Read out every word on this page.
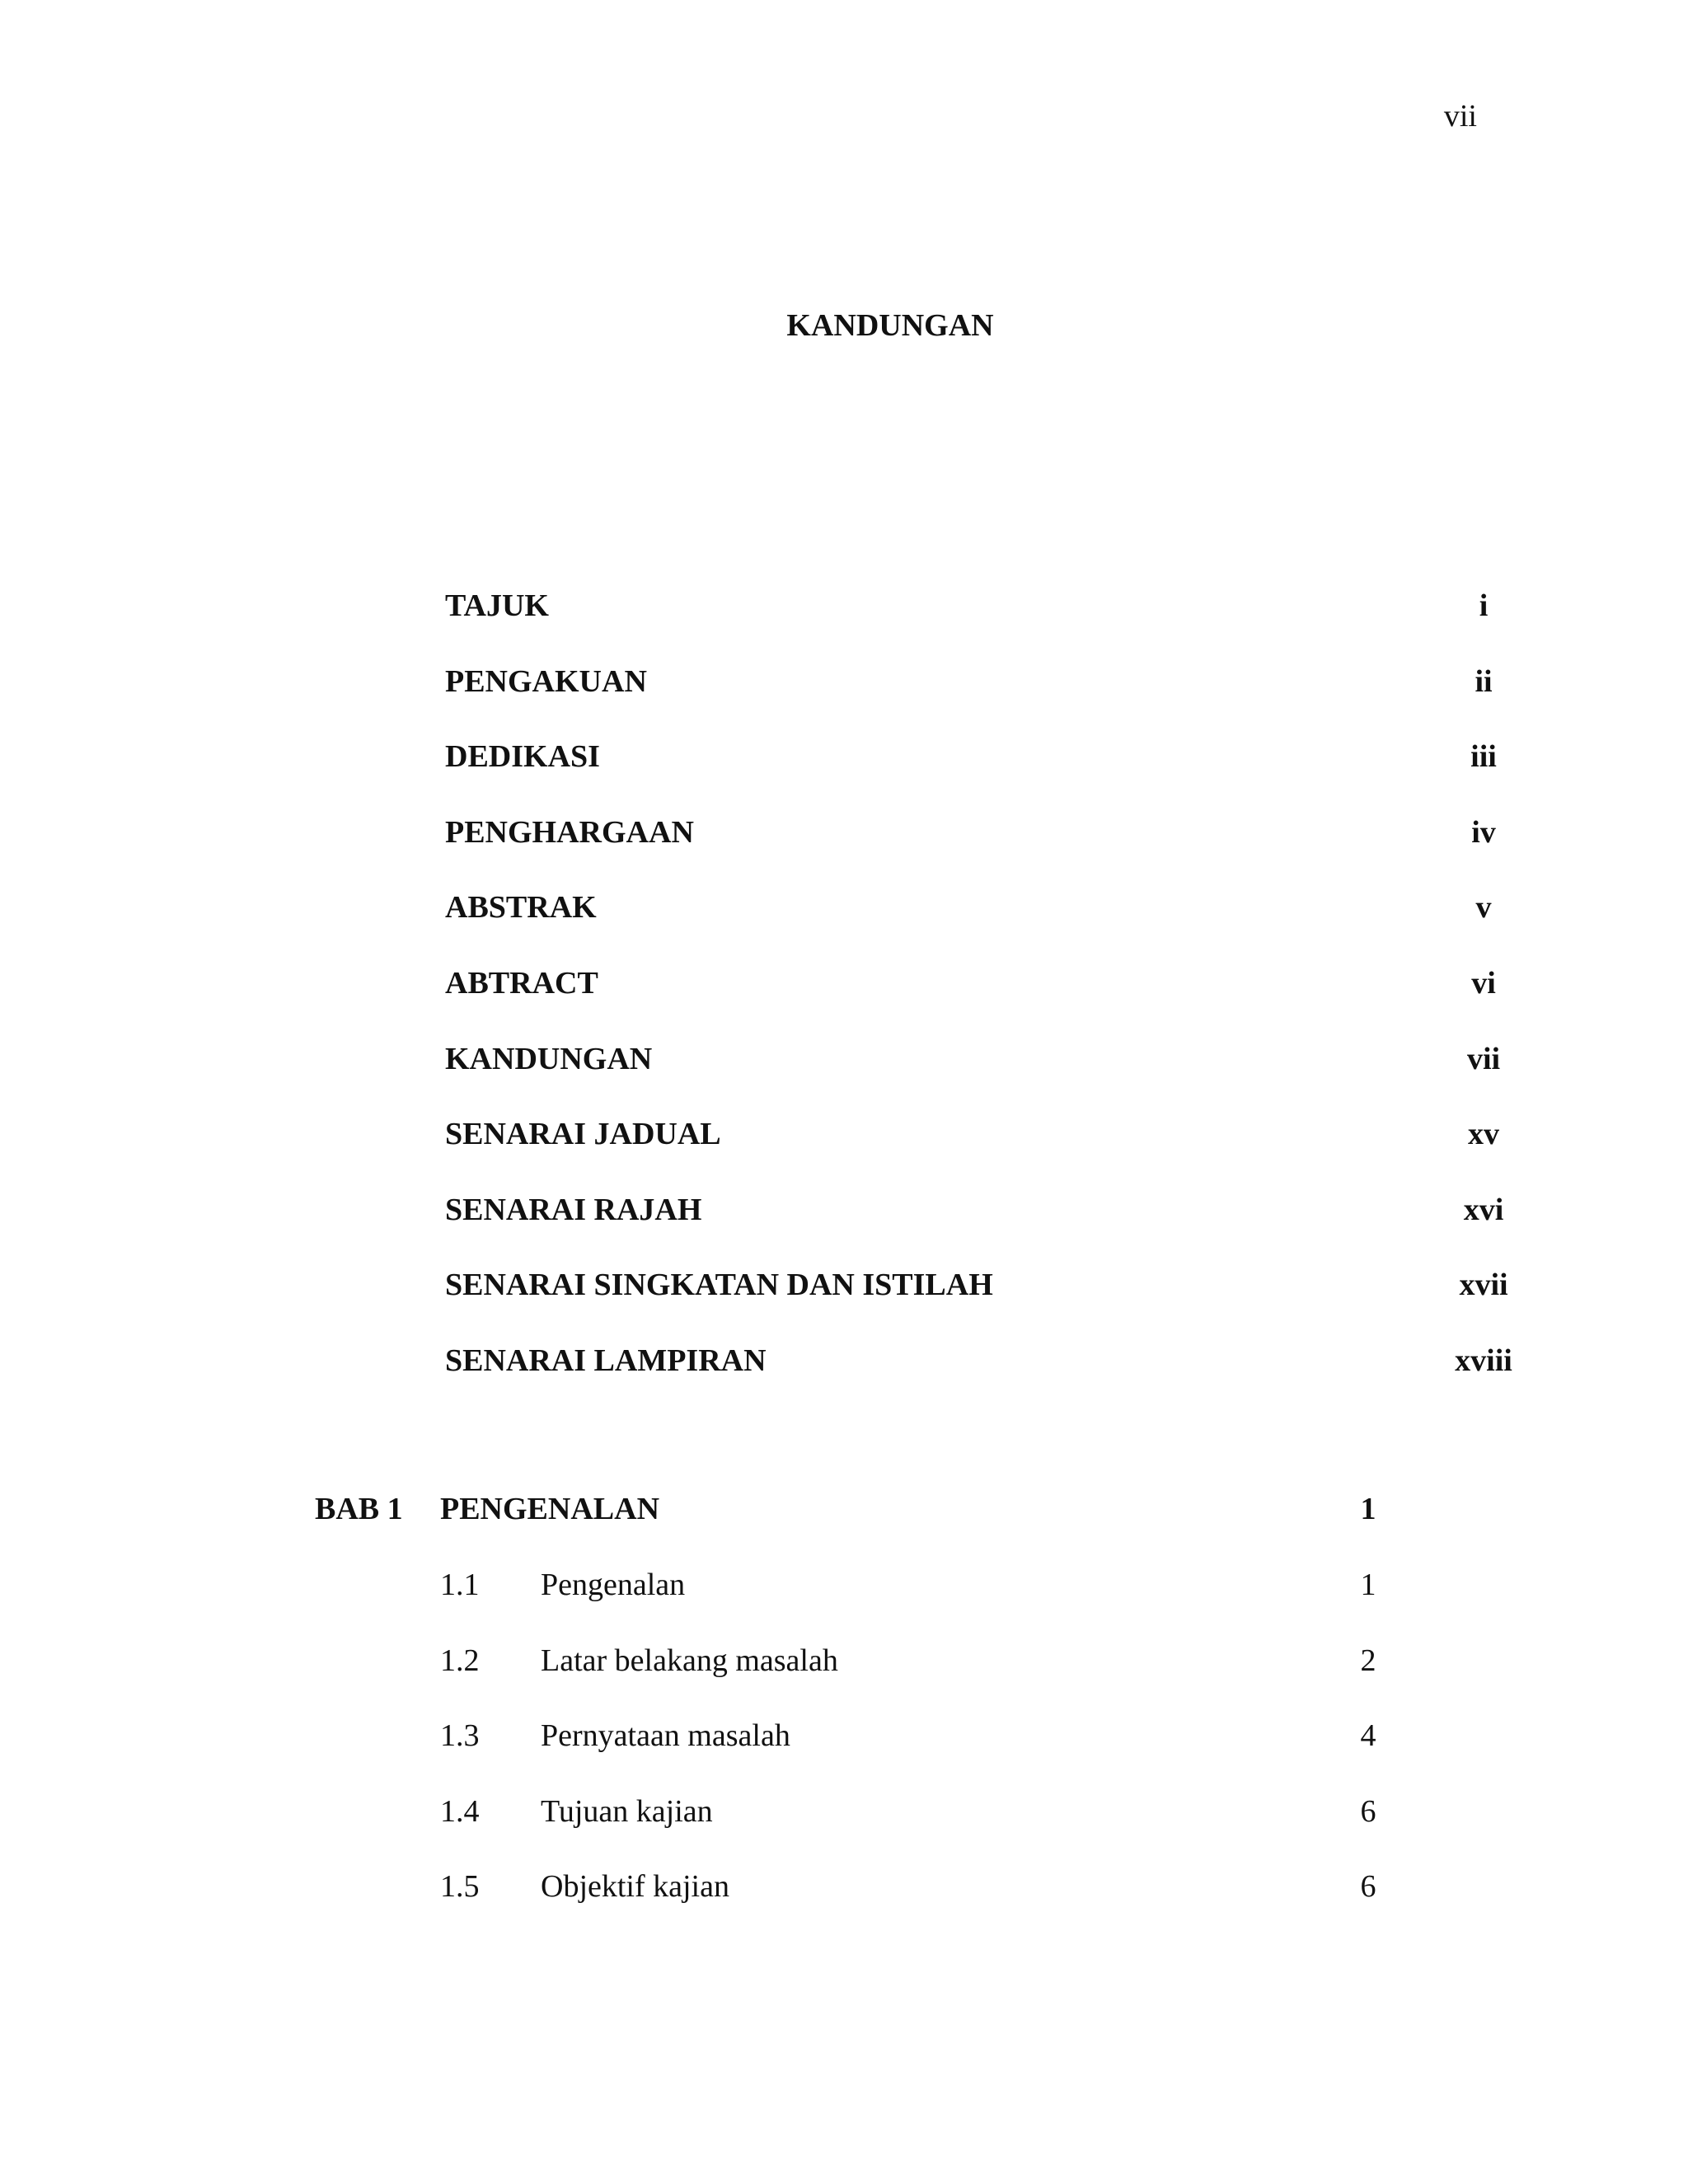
vii
KANDUNGAN
TAJUK	i
PENGAKUAN	ii
DEDIKASI	iii
PENGHARGAAN	iv
ABSTRAK	v
ABTRACT	vi
KANDUNGAN	vii
SENARAI JADUAL	xv
SENARAI RAJAH	xvi
SENARAI SINGKATAN DAN ISTILAH	xvii
SENARAI LAMPIRAN	xviii
BAB 1 PENGENALAN	1
1.1 Pengenalan	1
1.2 Latar belakang masalah	2
1.3 Pernyataan masalah	4
1.4 Tujuan kajian	6
1.5 Objektif kajian	6
